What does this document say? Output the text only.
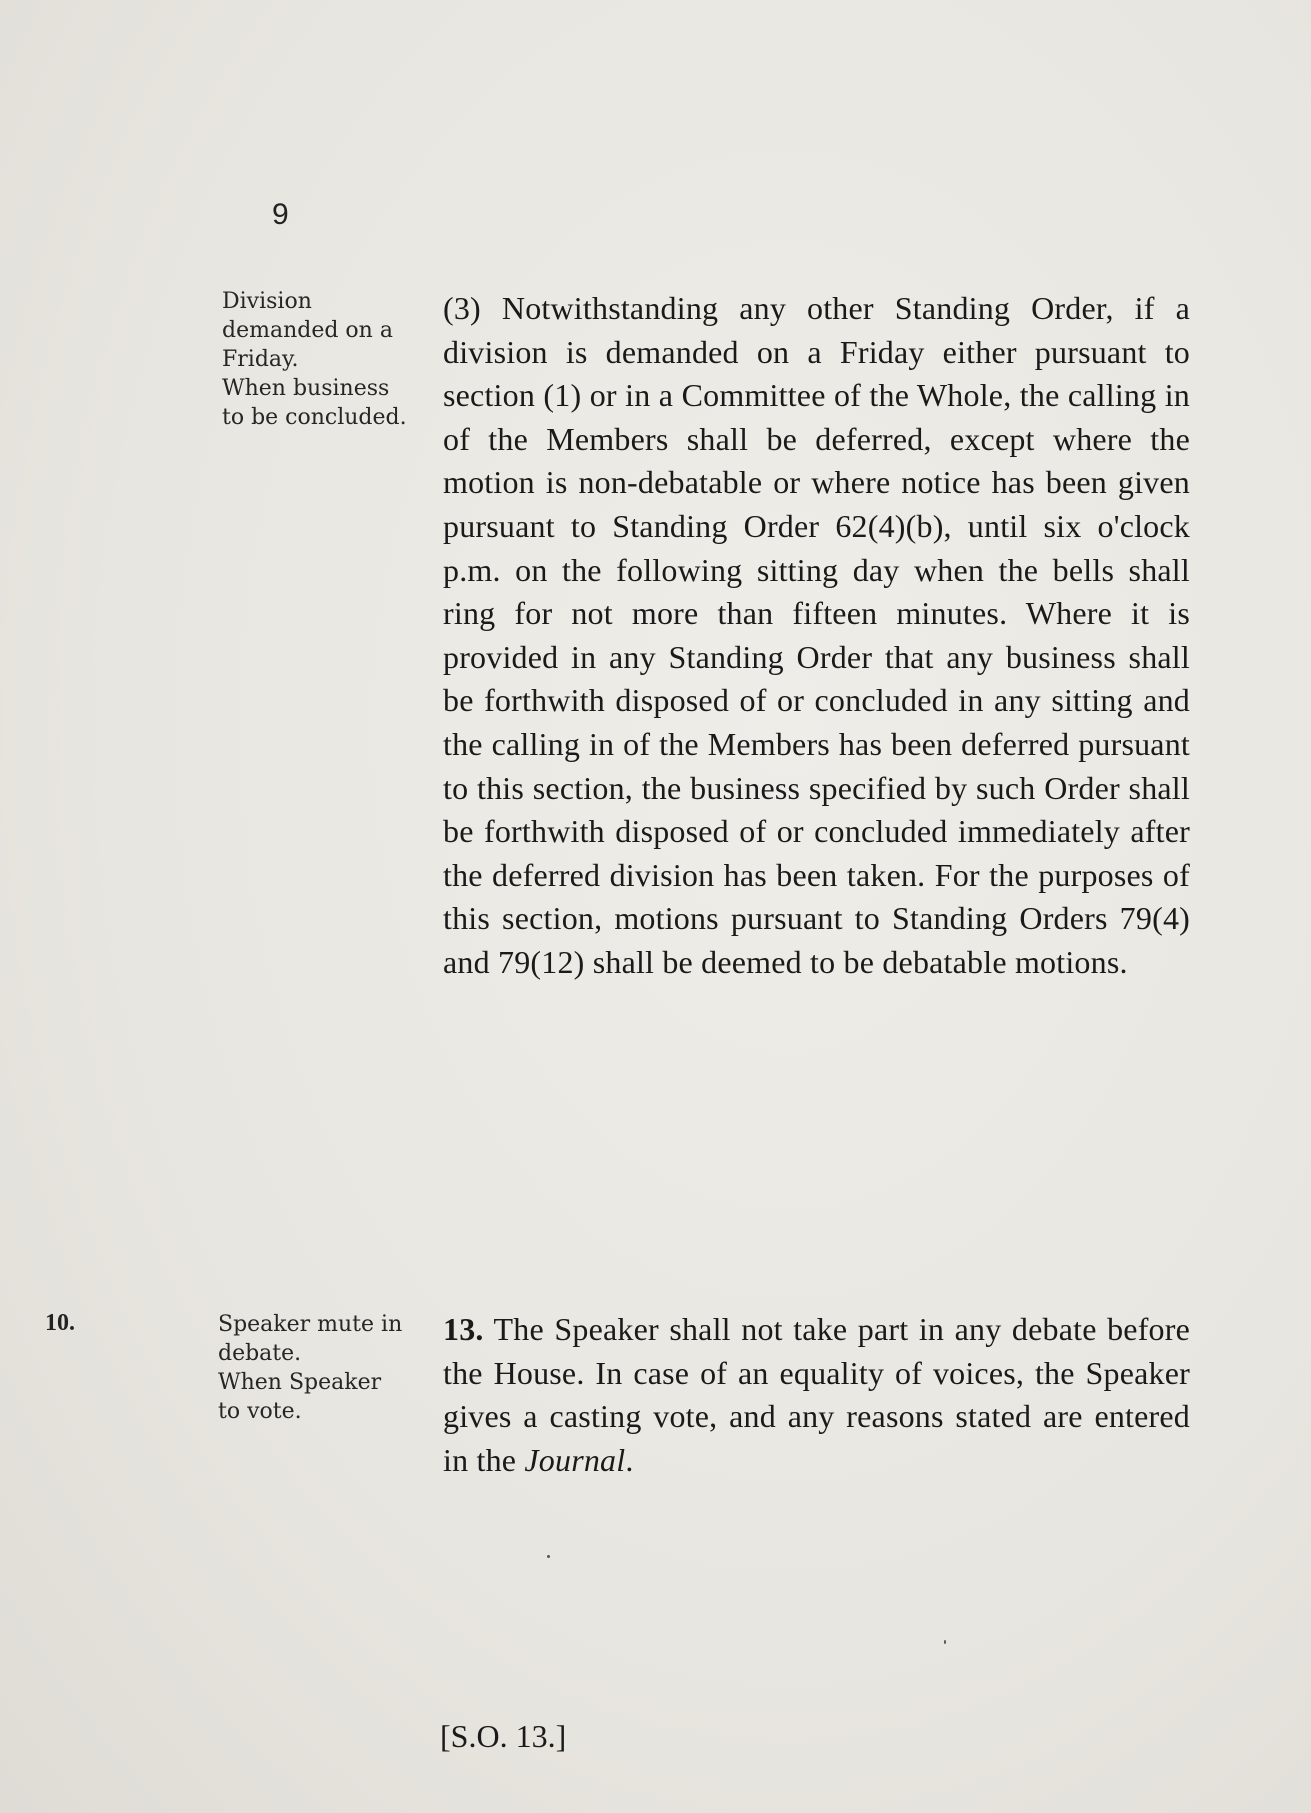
9
Division
demanded on a
Friday.
When business
to be concluded.
(3) Notwithstanding any other Standing Order, if a division is demanded on a Friday either pursuant to section (1) or in a Committee of the Whole, the calling in of the Members shall be deferred, except where the motion is non-debatable or where notice has been given pursuant to Standing Order 62(4)(b), until six o'clock p.m. on the following sitting day when the bells shall ring for not more than fifteen minutes. Where it is provided in any Standing Order that any business shall be forthwith disposed of or concluded in any sitting and the calling in of the Members has been deferred pursuant to this section, the business specified by such Order shall be forthwith disposed of or concluded immediately after the deferred division has been taken. For the purposes of this section, motions pursuant to Standing Orders 79(4) and 79(12) shall be deemed to be debatable motions.
10.	Speaker mute in
debate.
When Speaker
to vote.
13. The Speaker shall not take part in any debate before the House. In case of an equality of voices, the Speaker gives a casting vote, and any reasons stated are entered in the Journal.
[S.O. 13.]
